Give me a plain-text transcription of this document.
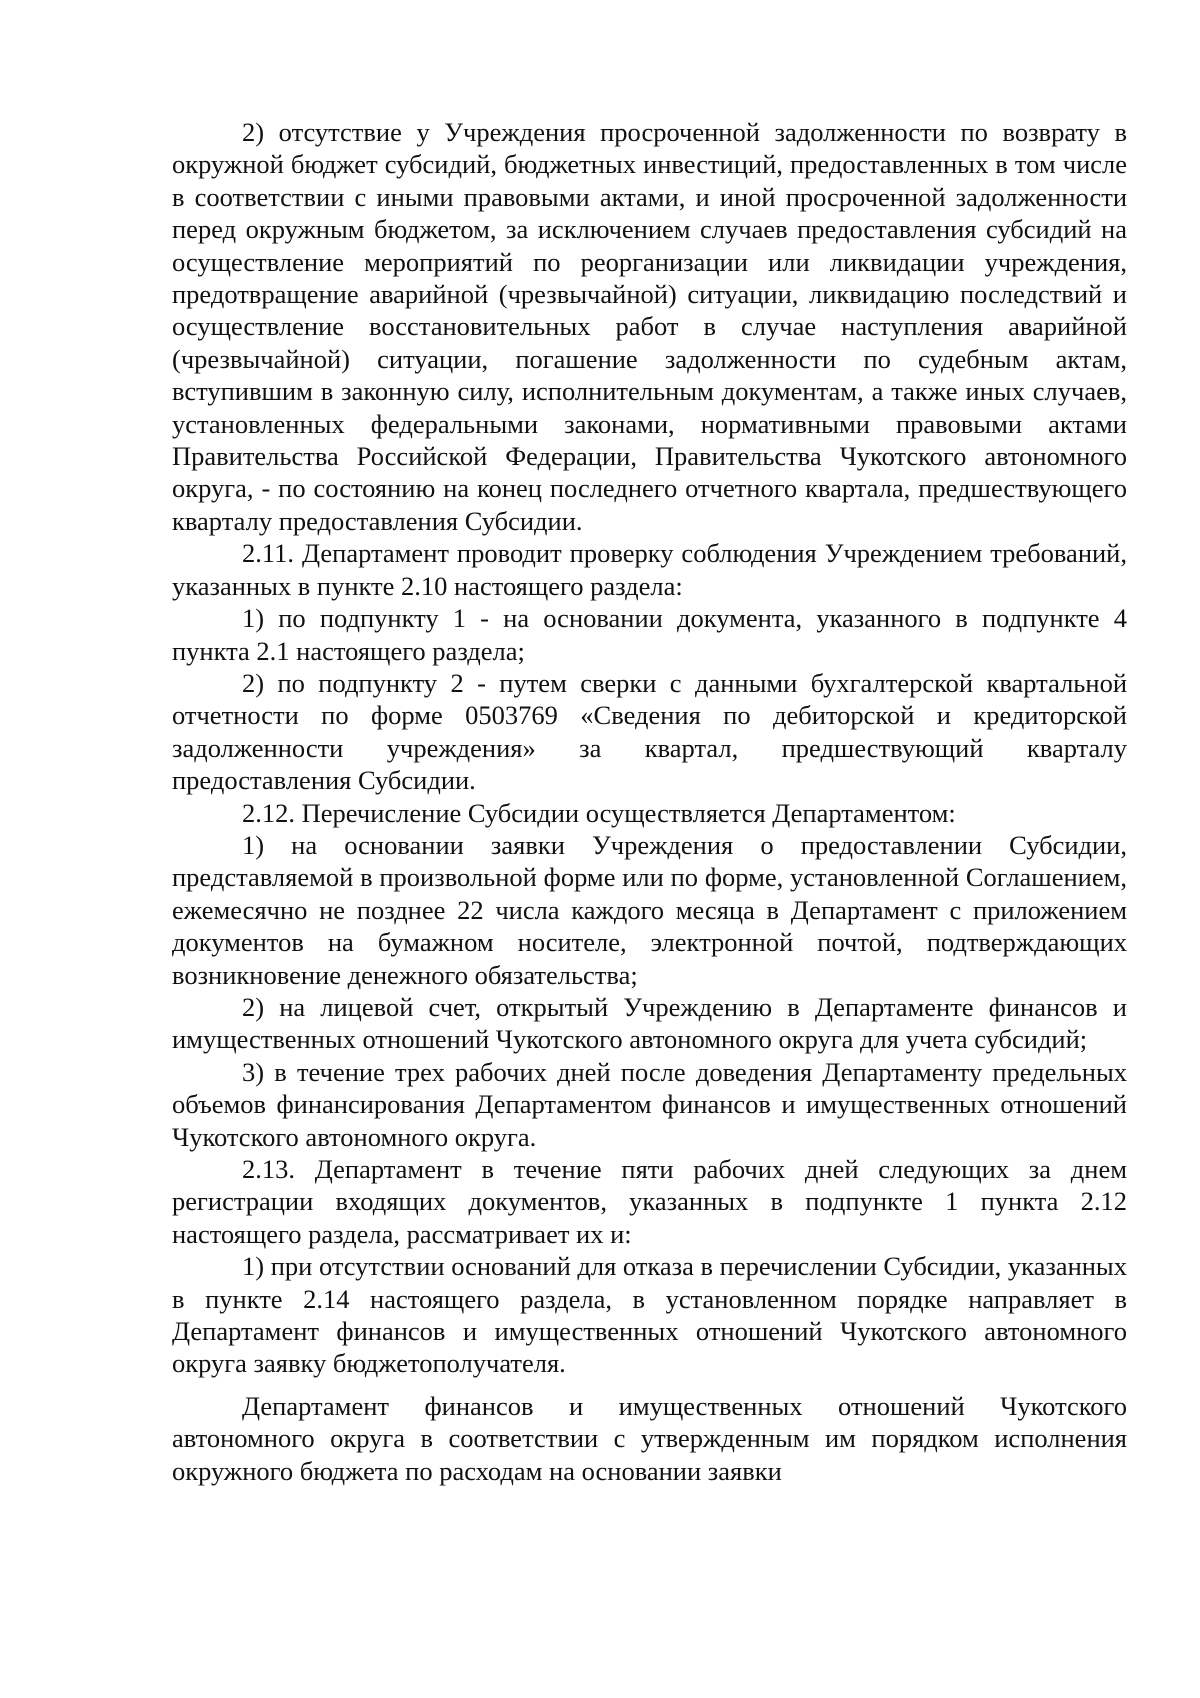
2) отсутствие у Учреждения просроченной задолженности по возврату в окружной бюджет субсидий, бюджетных инвестиций, предоставленных в том числе в соответствии с иными правовыми актами, и иной просроченной задолженности перед окружным бюджетом, за исключением случаев предоставления субсидий на осуществление мероприятий по реорганизации или ликвидации учреждения, предотвращение аварийной (чрезвычайной) ситуации, ликвидацию последствий и осуществление восстановительных работ в случае наступления аварийной (чрезвычайной) ситуации, погашение задолженности по судебным актам, вступившим в законную силу, исполнительным документам, а также иных случаев, установленных федеральными законами, нормативными правовыми актами Правительства Российской Федерации, Правительства Чукотского автономного округа, - по состоянию на конец последнего отчетного квартала, предшествующего кварталу предоставления Субсидии.

2.11. Департамент проводит проверку соблюдения Учреждением требований, указанных в пункте 2.10 настоящего раздела:

1) по подпункту 1 - на основании документа, указанного в подпункте 4 пункта 2.1 настоящего раздела;

2) по подпункту 2 - путем сверки с данными бухгалтерской квартальной отчетности по форме 0503769 «Сведения по дебиторской и кредиторской задолженности учреждения» за квартал, предшествующий кварталу предоставления Субсидии.

2.12. Перечисление Субсидии осуществляется Департаментом:

1) на основании заявки Учреждения о предоставлении Субсидии, представляемой в произвольной форме или по форме, установленной Соглашением, ежемесячно не позднее 22 числа каждого месяца в Департамент с приложением документов на бумажном носителе, электронной почтой, подтверждающих возникновение денежного обязательства;

2) на лицевой счет, открытый Учреждению в Департаменте финансов и имущественных отношений Чукотского автономного округа для учета субсидий;

3) в течение трех рабочих дней после доведения Департаменту предельных объемов финансирования Департаментом финансов и имущественных отношений Чукотского автономного округа.

2.13. Департамент в течение пяти рабочих дней следующих за днем регистрации входящих документов, указанных в подпункте 1 пункта 2.12 настоящего раздела, рассматривает их и:

1) при отсутствии оснований для отказа в перечислении Субсидии, указанных в пункте 2.14 настоящего раздела, в установленном порядке направляет в Департамент финансов и имущественных отношений Чукотского автономного округа заявку бюджетополучателя.

Департамент финансов и имущественных отношений Чукотского автономного округа в соответствии с утвержденным им порядком исполнения окружного бюджета по расходам на основании заявки
